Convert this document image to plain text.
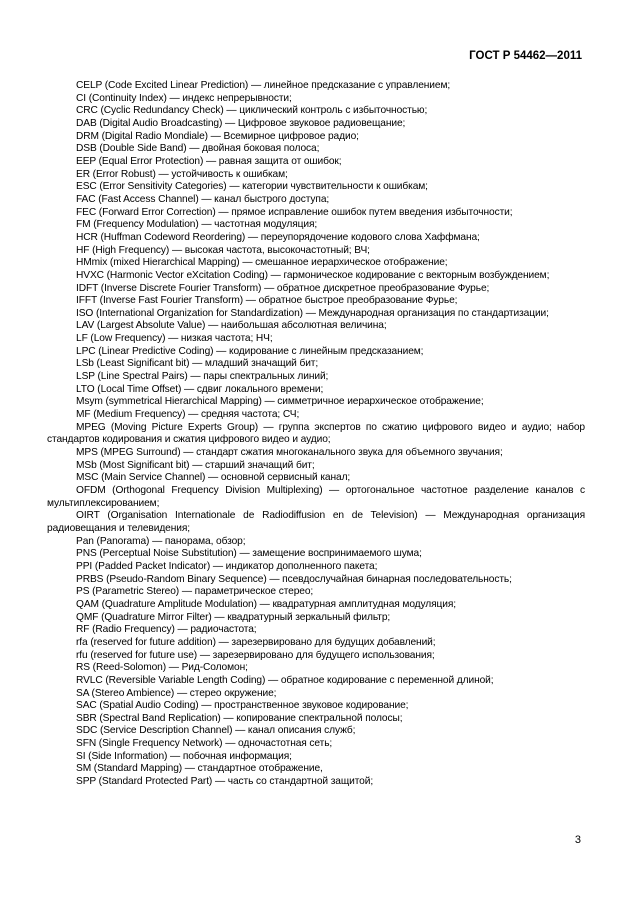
ГОСТ Р 54462—2011

CELP (Code Excited Linear Prediction) — линейное предсказание с управлением;

CI (Continuity Index) — индекс непрерывности;

CRC (Cyclic Redundancy Check) — циклический контроль с избыточностью;

DAB (Digital Audio Broadcasting) — Цифровое звуковое радиовещание;

DRM (Digital Radio Mondiale) — Всемирное цифровое радио;

DSB (Double Side Band) — двойная боковая полоса;

EEP (Equal Error Protection) — равная защита от ошибок;

ER (Error Robust) — устойчивость к ошибкам;

ESC (Error Sensitivity Categories) — категории чувствительности к ошибкам;

FAC (Fast Access Channel) — канал быстрого доступа;

FEC (Forward Error Correction) — прямое исправление ошибок путем введения избыточности;

FM (Frequency Modulation) — частотная модуляция;

HCR (Huffman Codeword Reordering) — переупорядочение кодового слова Хаффмана;

HF (High Frequency) — высокая частота, высокочастотный; ВЧ;

HMmix (mixed Hierarchical Mapping) — смешанное иерархическое отображение;

HVXC (Harmonic Vector eXcitation Coding) — гармоническое кодирование с векторным возбуждением;

IDFT (Inverse Discrete Fourier Transform) — обратное дискретное преобразование Фурье;

IFFT (Inverse Fast Fourier Transform) — обратное быстрое преобразование Фурье;

ISO (International Organization for Standardization) — Международная организация по стандартизации;

LAV (Largest Absolute Value) — наибольшая абсолютная величина;

LF (Low Frequency) — низкая частота; НЧ;

LPC (Linear Predictive Coding) — кодирование с линейным предсказанием;

LSb (Least Significant bit) — младший значащий бит;

LSP (Line Spectral Pairs) — пары спектральных линий;

LTO (Local Time Offset) — сдвиг локального времени;

Msym (symmetrical Hierarchical Mapping) — симметричное иерархическое отображение;

MF (Medium Frequency) — средняя частота; СЧ;

MPEG (Moving Picture Experts Group) — группа экспертов по сжатию цифрового видео и аудио; набор стандартов кодирования и сжатия цифрового видео и аудио;

MPS (MPEG Surround) — стандарт сжатия многоканального звука для объемного звучания;

MSb (Most Significant bit) — старший значащий бит;

MSC (Main Service Channel) — основной сервисный канал;

OFDM (Orthogonal Frequency Division Multiplexing) — ортогональное частотное разделение каналов с мультиплексированием;

OIRT (Organisation Internationale de Radiodiffusion en de Television) — Международная организация радиовещания и телевидения;

Pan (Panorama) — панорама, обзор;

PNS (Perceptual Noise Substitution) — замещение воспринимаемого шума;

PPI (Padded Packet Indicator) — индикатор дополненного пакета;

PRBS (Pseudo-Random Binary Sequence) — псевдослучайная бинарная последовательность;

PS (Parametric Stereo) — параметрическое стерео;

QAM (Quadrature Amplitude Modulation) — квадратурная амплитудная модуляция;

QMF (Quadrature Mirror Filter) — квадратурный зеркальный фильтр;

RF (Radio Frequency) — радиочастота;

rfa (reserved for future addition) — зарезервировано для будущих добавлений;

rfu (reserved for future use) — зарезервировано для будущего использования;

RS (Reed-Solomon) — Рид-Соломон;

RVLC (Reversible Variable Length Coding) — обратное кодирование с переменной длиной;

SA (Stereo Ambience) — стерео окружение;

SAC (Spatial Audio Coding) — пространственное звуковое кодирование;

SBR (Spectral Band Replication) — копирование спектральной полосы;

SDC (Service Description Channel) — канал описания служб;

SFN (Single Frequency Network) — одночастотная сеть;

SI (Side Information) — побочная информация;

SM (Standard Mapping) — стандартное отображение,

SPP (Standard Protected Part) — часть со стандартной защитой;

3
